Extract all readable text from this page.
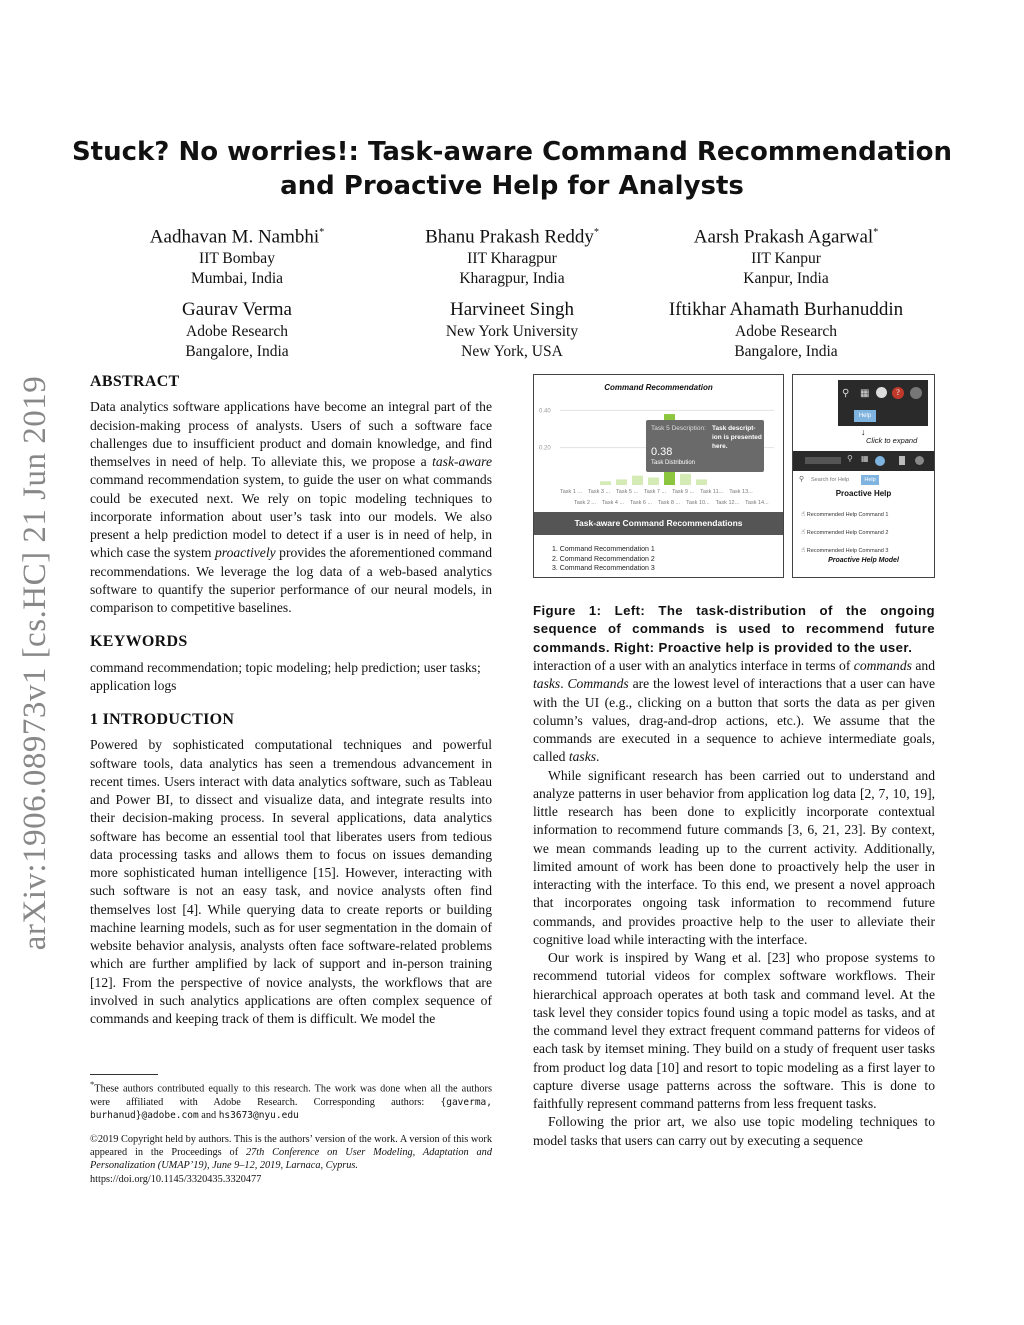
arXiv:1906.08973v1 [cs.HC] 21 Jun 2019
Stuck? No worries!: Task-aware Command Recommendation
and Proactive Help for Analysts
Aadhavan M. Nambhi*
IIT Bombay
Mumbai, India
Bhanu Prakash Reddy*
IIT Kharagpur
Kharagpur, India
Aarsh Prakash Agarwal*
IIT Kanpur
Kanpur, India
Gaurav Verma
Adobe Research
Bangalore, India
Harvineet Singh
New York University
New York, USA
Iftikhar Ahamath Burhanuddin
Adobe Research
Bangalore, India
ABSTRACT

Data analytics software applications have become an integral part of the decision-making process of analysts. Users of such a software face challenges due to insufficient product and domain knowledge, and find themselves in need of help. To alleviate this, we propose a task-aware command recommendation system, to guide the user on what commands could be executed next. We rely on topic modeling techniques to incorporate information about user’s task into our models. We also present a help prediction model to detect if a user is in need of help, in which case the system proactively provides the aforementioned command recommendations. We leverage the log data of a web-based analytics software to quantify the superior performance of our neural models, in comparison to competitive baselines.

KEYWORDS

command recommendation; topic modeling; help prediction; user tasks; application logs

1 INTRODUCTION

Powered by sophisticated computational techniques and powerful software tools, data analytics has seen a tremendous advancement in recent times. Users interact with data analytics software, such as Tableau and Power BI, to dissect and visualize data, and integrate results into their decision-making process. In several applications, data analytics software has become an essential tool that liberates users from tedious data processing tasks and allows them to focus on issues demanding more sophisticated human intelligence [15]. However, interacting with such software is not an easy task, and novice analysts often find themselves lost [4]. While querying data to create reports or building machine learning models, such as for user segmentation in the domain of website behavior analysis, analysts often face software-related problems which are further amplified by lack of support and in-person training [12]. From the perspective of novice analysts, the workflows that are involved in such analytics applications are often complex sequence of commands and keeping track of them is difficult. We model the

*These authors contributed equally to this research. The work was done when all the authors were affiliated with Adobe Research. Corresponding authors: {gaverma, burhanud}@adobe.com and hs3673@nyu.edu
©2019 Copyright held by authors. This is the authors’ version of the work. A version of this work appeared in the Proceedings of 27th Conference on User Modeling, Adaptation and Personalization (UMAP’19), June 9–12, 2019, Larnaca, Cyprus.
https://doi.org/10.1145/3320435.3320477
Command Recommendation
0.40
0.20
Task 5 Description: Task descript-ion is presented here.
0.38
Task Distribution
Task 1 ... Task 3 ... Task 5 ... Task 7 ... Task 9 ... Task 11... Task 13...
Task 2 ... Task 4 ... Task 6 ... Task 8 ... Task 10... Task 12... Task 14...
Task-aware Command Recommendations
1. Command Recommendation 1
2. Command Recommendation 2
3. Command Recommendation 3
⚲ ▦	?
Help
↓
Click to expand
⚲ ▦
Search for Help	Help
⚲
Proactive Help
☝ Recommended Help Command 1
☝ Recommended Help Command 2
☝ Recommended Help Command 3
Proactive Help Model
Figure 1: Left: The task-distribution of the ongoing sequence of commands is used to recommend future commands. Right: Proactive help is provided to the user.

interaction of a user with an analytics interface in terms of commands and tasks. Commands are the lowest level of interactions that a user can have with the UI (e.g., clicking on a button that sorts the data as per given column’s values, drag-and-drop actions, etc.). We assume that the commands are executed in a sequence to achieve intermediate goals, called tasks.

While significant research has been carried out to understand and analyze patterns in user behavior from application log data [2, 7, 10, 19], little research has been done to explicitly incorporate contextual information to recommend future commands [3, 6, 21, 23]. By context, we mean commands leading up to the current activity. Additionally, limited amount of work has been done to proactively help the user in interacting with the interface. To this end, we present a novel approach that incorporates ongoing task information to recommend future commands, and provides proactive help to the user to alleviate their cognitive load while interacting with the interface.

Our work is inspired by Wang et al. [23] who propose systems to recommend tutorial videos for complex software workflows. Their hierarchical approach operates at both task and command level. At the task level they consider topics found using a topic model as tasks, and at the command level they extract frequent command patterns for videos of each task by itemset mining. They build on a study of frequent user tasks from product log data [10] and resort to topic modeling as a first layer to capture diverse usage patterns across the software. This is done to faithfully represent command patterns from less frequent tasks.

Following the prior art, we also use topic modeling techniques to model tasks that users can carry out by executing a sequence
